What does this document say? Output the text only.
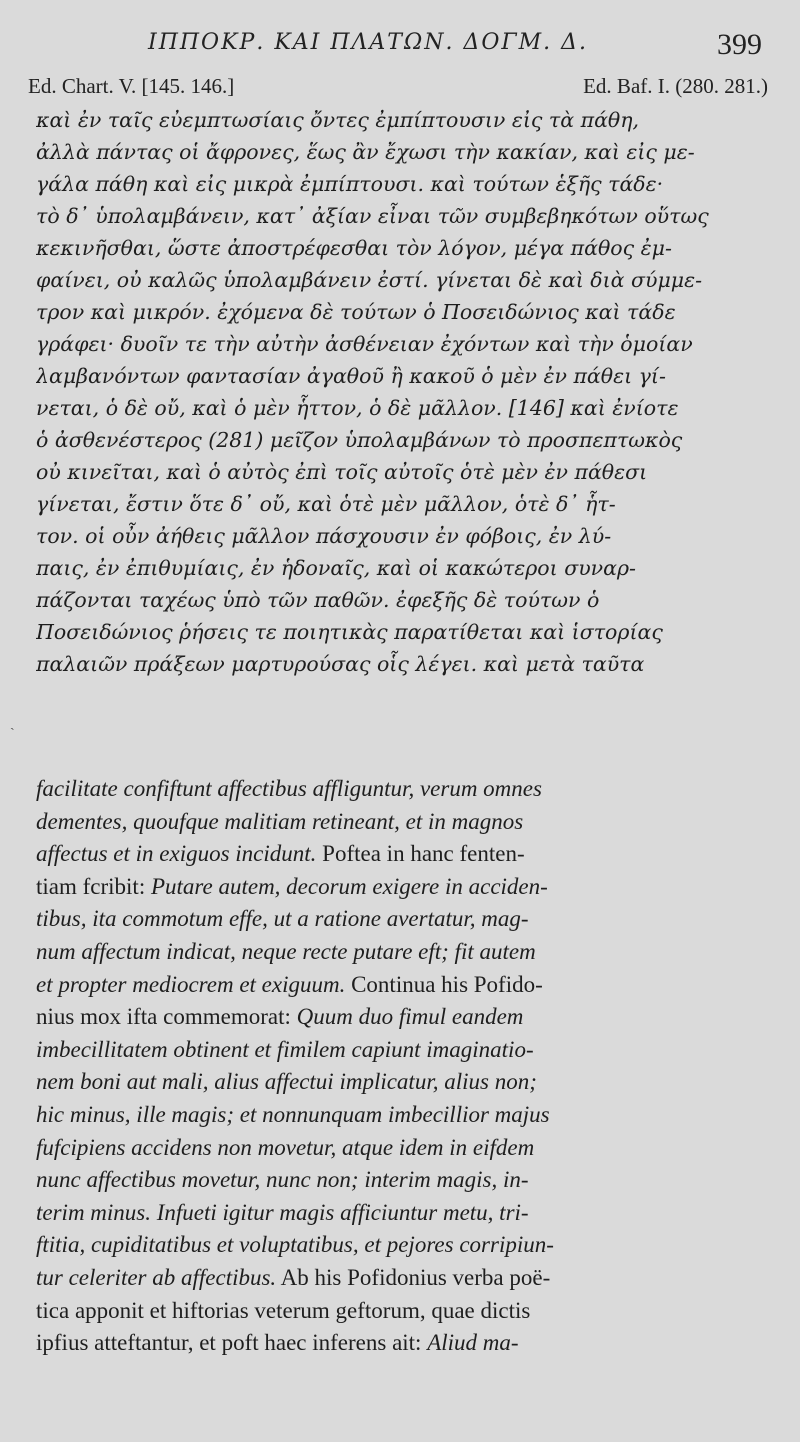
ΙΠΠΟΚΡ. ΚΑΙ ΠΛΑΤΩΝ. ΔΟΓΜ. Δ.	399
Ed. Chart. V. [145. 146.]	Ed. Baf. I. (280. 281.)
καὶ ἐν ταῖς εὐεμπτωσίαις ὄντες ἐμπίπτουσιν εἰς τὰ πάθη,
ἀλλὰ πάντας οἱ ἄφρονες, ἕως ἂν ἔχωσι τὴν κακίαν, καὶ εἰς με-
γάλα πάθη καὶ εἰς μικρὰ ἐμπίπτουσι. καὶ τούτων ἑξῆς τάδε·
τὸ δ᾽ ὑπολαμβάνειν, κατ᾽ ἀξίαν εἶναι τῶν συμβεβηκότων οὕτως
κεκινῆσθαι, ὥστε ἀποστρέφεσθαι τὸν λόγον, μέγα πάθος ἐμ-
φαίνει, οὐ καλῶς ὑπολαμβάνειν ἐστί. γίνεται δὲ καὶ διὰ σύμμε-
τρον καὶ μικρόν. ἐχόμενα δὲ τούτων ὁ Ποσειδώνιος καὶ τάδε
γράφει· δυοῖν τε τὴν αὐτὴν ἀσθένειαν ἐχόντων καὶ τὴν ὁμοίαν
λαμβανόντων φαντασίαν ἀγαθοῦ ἢ κακοῦ ὁ μὲν ἐν πάθει γί-
νεται, ὁ δὲ οὔ, καὶ ὁ μὲν ἧττον, ὁ δὲ μᾶλλον. [146] καὶ ἐνίοτε
ὁ ἀσθενέστερος (281) μεῖζον ὑπολαμβάνων τὸ προσπεπτωκὸς
οὐ κινεῖται, καὶ ὁ αὐτὸς ἐπὶ τοῖς αὐτοῖς ὁτὲ μὲν ἐν πάθεσι
γίνεται, ἔστιν ὅτε δ᾽ οὔ, καὶ ὁτὲ μὲν μᾶλλον, ὁτὲ δ᾽ ἧτ-
τον. οἱ οὖν ἀήθεις μᾶλλον πάσχουσιν ἐν φόβοις, ἐν λύ-
παις, ἐν ἐπιθυμίαις, ἐν ἡδοναῖς, καὶ οἱ κακώτεροι συναρ-
πάζονται ταχέως ὑπὸ τῶν παθῶν. ἐφεξῆς δὲ τούτων ὁ
Ποσειδώνιος ῥήσεις τε ποιητικὰς παρατίθεται καὶ ἱστορίας
παλαιῶν πράξεων μαρτυρούσας οἷς λέγει. καὶ μετὰ ταῦτα
ˏ
facilitate confiftunt affectibus affliguntur, verum omnes
dementes, quoufque malitiam retineant, et in magnos
affectus et in exiguos incidunt. Poftea in hanc fenten-
tiam fcribit: Putare autem, decorum exigere in acciden-
tibus, ita commotum effe, ut a ratione avertatur, mag-
num affectum indicat, neque recte putare eft; fit autem
et propter mediocrem et exiguum. Continua his Pofido-
nius mox ifta commemorat: Quum duo fimul eandem
imbecillitatem obtinent et fimilem capiunt imaginatio-
nem boni aut mali, alius affectui implicatur, alius non;
hic minus, ille magis; et nonnunquam imbecillior majus
fufcipiens accidens non movetur, atque idem in eifdem
nunc affectibus movetur, nunc non; interim magis, in-
terim minus. Infueti igitur magis afficiuntur metu, tri-
ftitia, cupiditatibus et voluptatibus, et pejores corripiun-
tur celeriter ab affectibus. Ab his Pofidonius verba poë-
tica apponit et hiftorias veterum geftorum, quae dictis
ipfius atteftantur, et poft haec inferens ait: Aliud ma-
